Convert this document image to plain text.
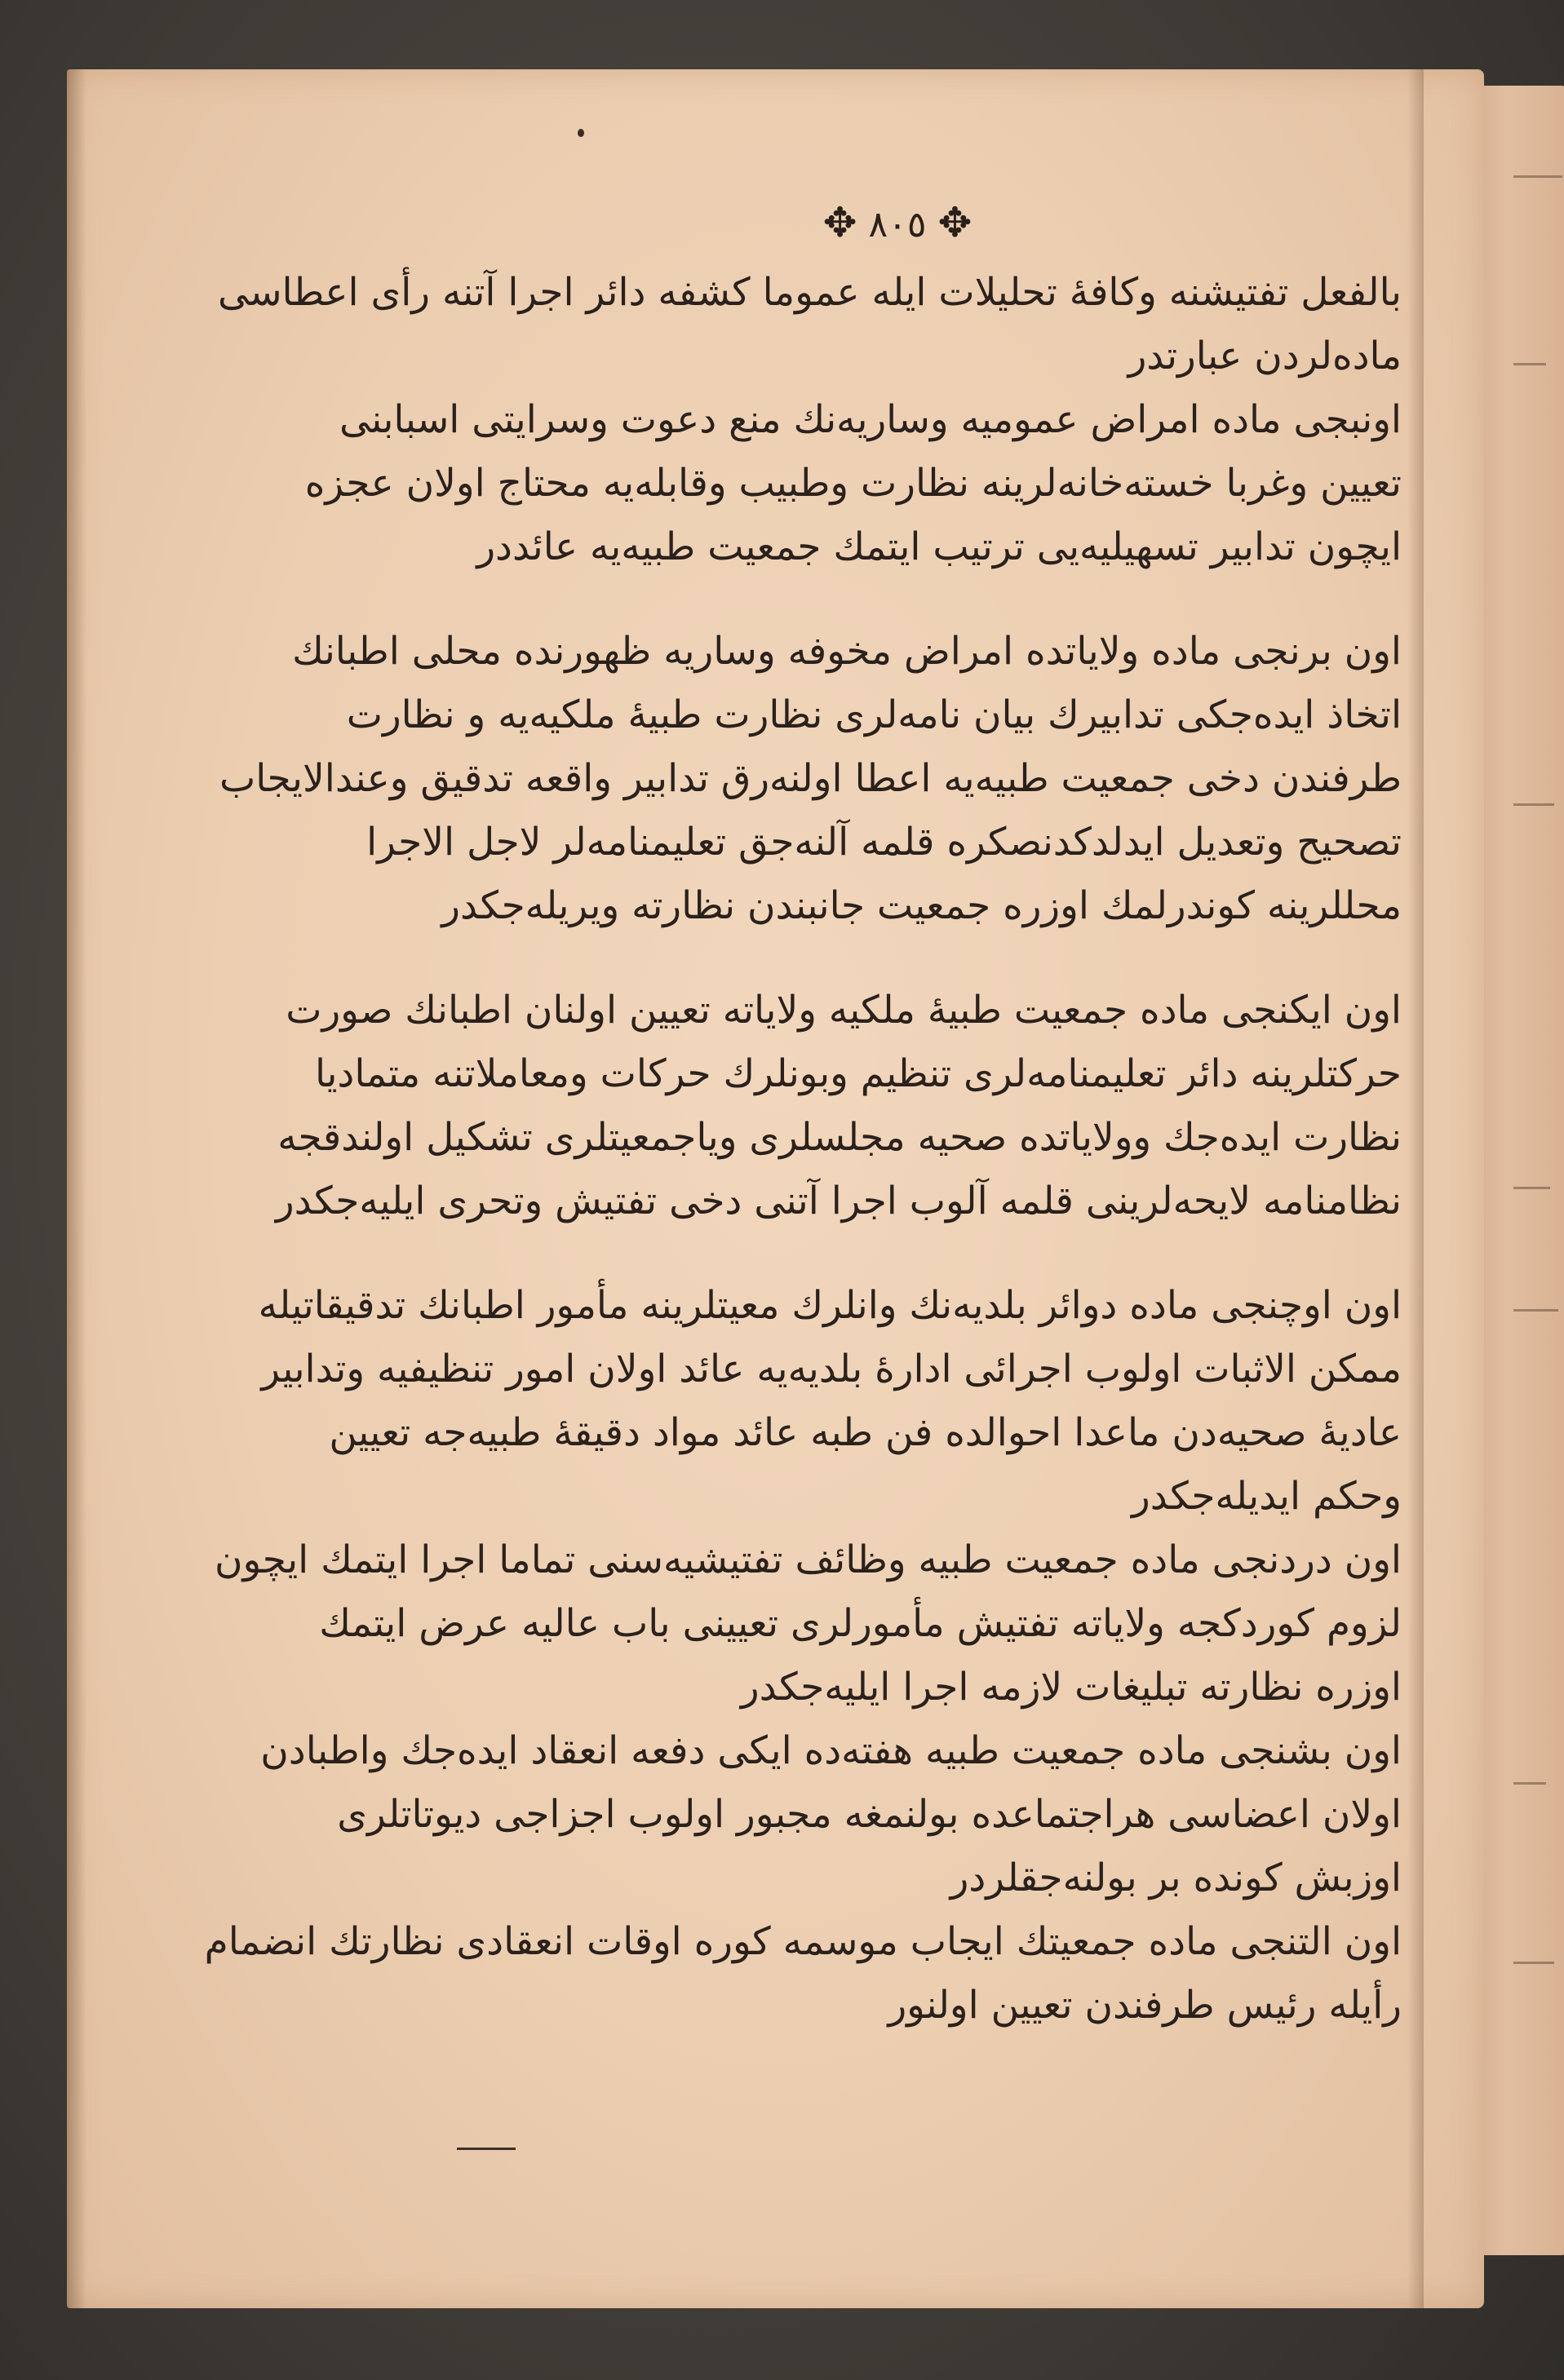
✥ ٨٠٥ ✥
بالفعل تفتيشنه وكافۀ تحليلات ايله عموما كشفه دائر اجرا آتنه رأى اعطاسى
ماده‌لردن عبارتدر
اونبجى ماده امراض عموميه وساريه‌نك منع دعوت وسرايتى اسبابنى
تعيين وغربا خسته‌خانه‌لرينه نظارت وطبيب وقابله‌يه محتاج اولان عجزه
ايچون تدابير تسهيليه‌يى ترتيب ايتمك جمعيت طبيه‌يه عائددر
اون برنجى ماده ولاياتده امراض مخوفه وساريه ظهورنده محلى اطبانك
اتخاذ ايده‌جكى تدابيرك بيان نامه‌لرى نظارت طبيۀ ملكيه‌يه و نظارت
طرفندن دخى جمعيت طبيه‌يه اعطا اولنه‌رق تدابير واقعه تدقيق وعندالايجاب
تصحيح وتعديل ايدلدكدنصكره قلمه آلنه‌جق تعليمنامه‌لر لاجل الاجرا
محللرينه كوندرلمك اوزره جمعيت جانبندن نظارته ويريله‌جكدر
اون ايكنجى ماده جمعيت طبيۀ ملكيه ولاياته تعيين اولنان اطبانك صورت
حركتلرينه دائر تعليمنامه‌لرى تنظيم وبونلرك حركات ومعاملاتنه متماديا
نظارت ايده‌جك وولاياتده صحيه مجلسلرى وياجمعيتلرى تشكيل اولندقجه
نظامنامه لايحه‌لرينى قلمه آلوب اجرا آتنى دخى تفتيش وتحرى ايليه‌جكدر
اون اوچنجى ماده دوائر بلديه‌نك وانلرك معيتلرينه مأمور اطبانك تدقيقاتيله
ممكن الاثبات اولوب اجرائى ادارۀ بلديه‌يه عائد اولان امور تنظيفيه وتدابير
عاديۀ صحيه‌دن ماعدا احوالده فن طبه عائد مواد دقيقۀ طبيه‌جه تعيين
وحكم ايديله‌جكدر
اون دردنجى ماده جمعيت طبيه وظائف تفتيشيه‌سنى تماما اجرا ايتمك ايچون
لزوم كوردكجه ولاياته تفتيش مأمورلرى تعيينى باب عاليه عرض ايتمك
اوزره نظارته تبليغات لازمه اجرا ايليه‌جكدر
اون بشنجى ماده جمعيت طبيه هفته‌ده ايكى دفعه انعقاد ايده‌جك واطبادن
اولان اعضاسى هراجتماعده بولنمغه مجبور اولوب اجزاجى ديوتاتلرى
اوزبش كونده بر بولنه‌جقلردر
اون التنجى ماده جمعيتك ايجاب موسمه كوره اوقات انعقادى نظارتك انضمام
رأيله رئيس طرفندن تعيين اولنور
